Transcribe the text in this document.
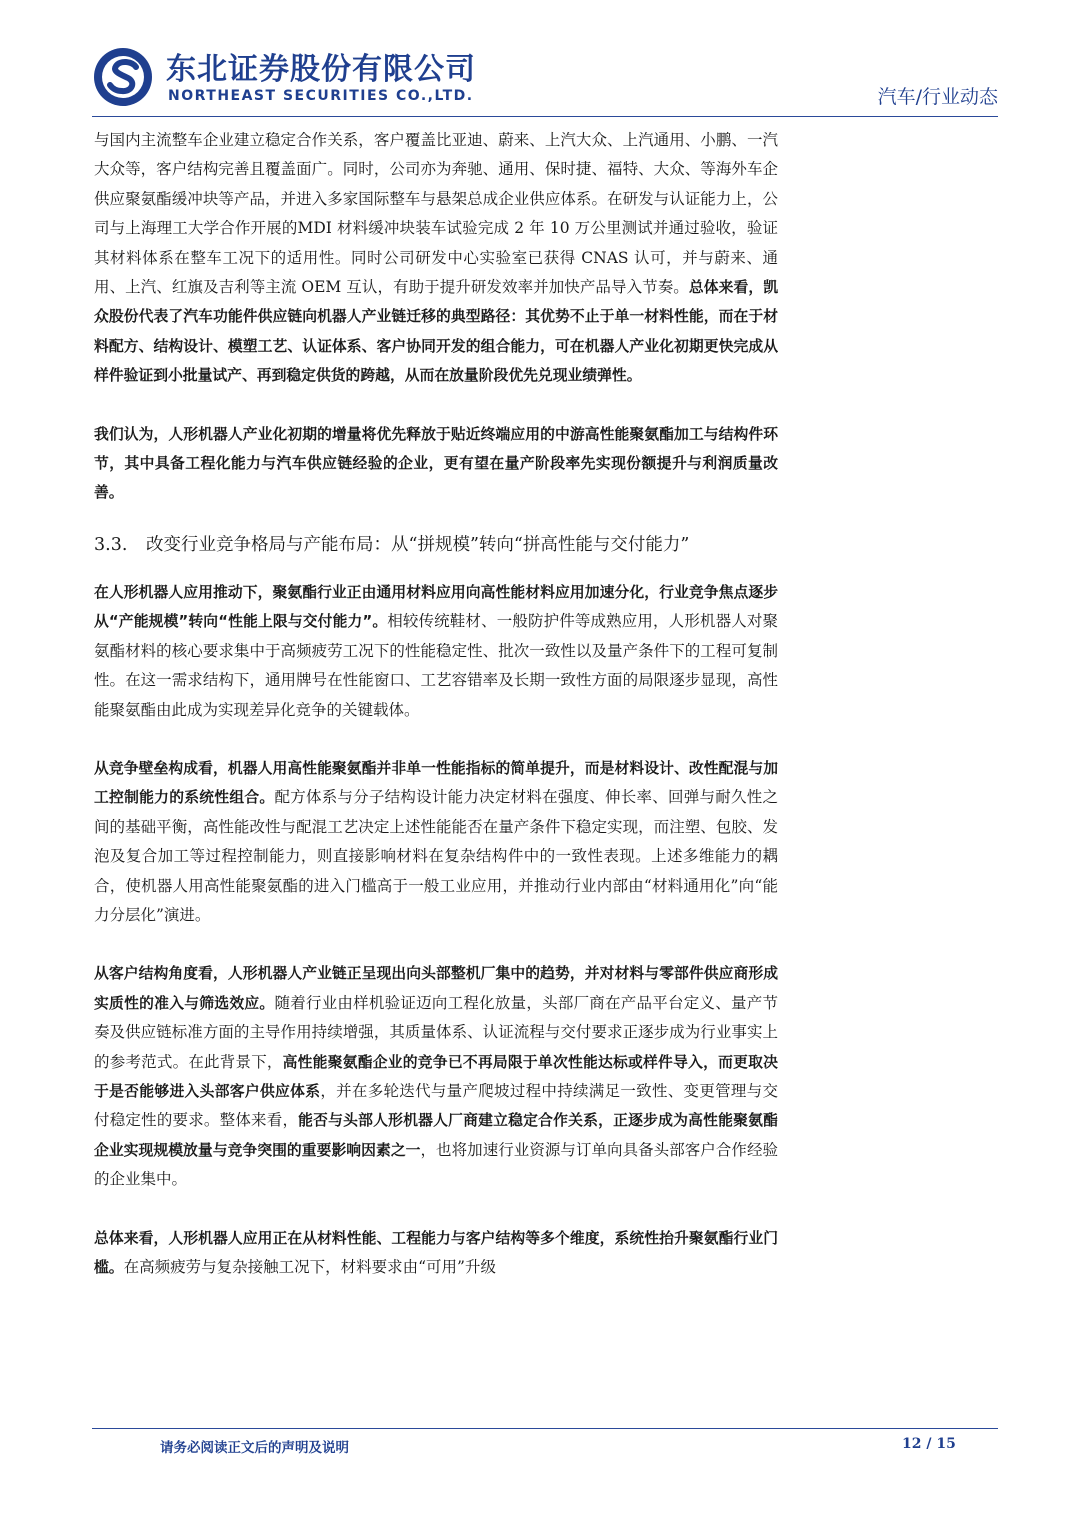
东北证券股份有限公司
NORTHEAST SECURITIES CO.,LTD.	汽车/行业动态

与国内主流整车企业建立稳定合作关系，客户覆盖比亚迪、蔚来、上汽大众、上汽通用、小鹏、一汽大众等，客户结构完善且覆盖面广。同时，公司亦为奔驰、通用、保时捷、福特、大众、等海外车企供应聚氨酯缓冲块等产品，并进入多家国际整车与悬架总成企业供应体系。在研发与认证能力上，公司与上海理工大学合作开展的MDI 材料缓冲块装车试验完成 2 年 10 万公里测试并通过验收，验证其材料体系在整车工况下的适用性。同时公司研发中心实验室已获得 CNAS 认可，并与蔚来、通用、上汽、红旗及吉利等主流 OEM 互认，有助于提升研发效率并加快产品导入节奏。总体来看，凯众股份代表了汽车功能件供应链向机器人产业链迁移的典型路径：其优势不止于单一材料性能，而在于材料配方、结构设计、模塑工艺、认证体系、客户协同开发的组合能力，可在机器人产业化初期更快完成从样件验证到小批量试产、再到稳定供货的跨越，从而在放量阶段优先兑现业绩弹性。

我们认为，人形机器人产业化初期的增量将优先释放于贴近终端应用的中游高性能聚氨酯加工与结构件环节，其中具备工程化能力与汽车供应链经验的企业，更有望在量产阶段率先实现份额提升与利润质量改善。

3.3. 改变行业竞争格局与产能布局：从“拼规模”转向“拼高性能与交付能力”

在人形机器人应用推动下，聚氨酯行业正由通用材料应用向高性能材料应用加速分化，行业竞争焦点逐步从“产能规模”转向“性能上限与交付能力”。相较传统鞋材、一般防护件等成熟应用，人形机器人对聚氨酯材料的核心要求集中于高频疲劳工况下的性能稳定性、批次一致性以及量产条件下的工程可复制性。在这一需求结构下，通用牌号在性能窗口、工艺容错率及长期一致性方面的局限逐步显现，高性能聚氨酯由此成为实现差异化竞争的关键载体。

从竞争壁垒构成看，机器人用高性能聚氨酯并非单一性能指标的简单提升，而是材料设计、改性配混与加工控制能力的系统性组合。配方体系与分子结构设计能力决定材料在强度、伸长率、回弹与耐久性之间的基础平衡，高性能改性与配混工艺决定上述性能能否在量产条件下稳定实现，而注塑、包胶、发泡及复合加工等过程控制能力，则直接影响材料在复杂结构件中的一致性表现。上述多维能力的耦合，使机器人用高性能聚氨酯的进入门槛高于一般工业应用，并推动行业内部由“材料通用化”向“能力分层化”演进。

从客户结构角度看，人形机器人产业链正呈现出向头部整机厂集中的趋势，并对材料与零部件供应商形成实质性的准入与筛选效应。随着行业由样机验证迈向工程化放量，头部厂商在产品平台定义、量产节奏及供应链标准方面的主导作用持续增强，其质量体系、认证流程与交付要求正逐步成为行业事实上的参考范式。在此背景下，高性能聚氨酯企业的竞争已不再局限于单次性能达标或样件导入，而更取决于是否能够进入头部客户供应体系，并在多轮迭代与量产爬坡过程中持续满足一致性、变更管理与交付稳定性的要求。整体来看，能否与头部人形机器人厂商建立稳定合作关系，正逐步成为高性能聚氨酯企业实现规模放量与竞争突围的重要影响因素之一，也将加速行业资源与订单向具备头部客户合作经验的企业集中。

总体来看，人形机器人应用正在从材料性能、工程能力与客户结构等多个维度，系统性抬升聚氨酯行业门槛。在高频疲劳与复杂接触工况下，材料要求由“可用”升级

请务必阅读正文后的声明及说明	12 / 15
